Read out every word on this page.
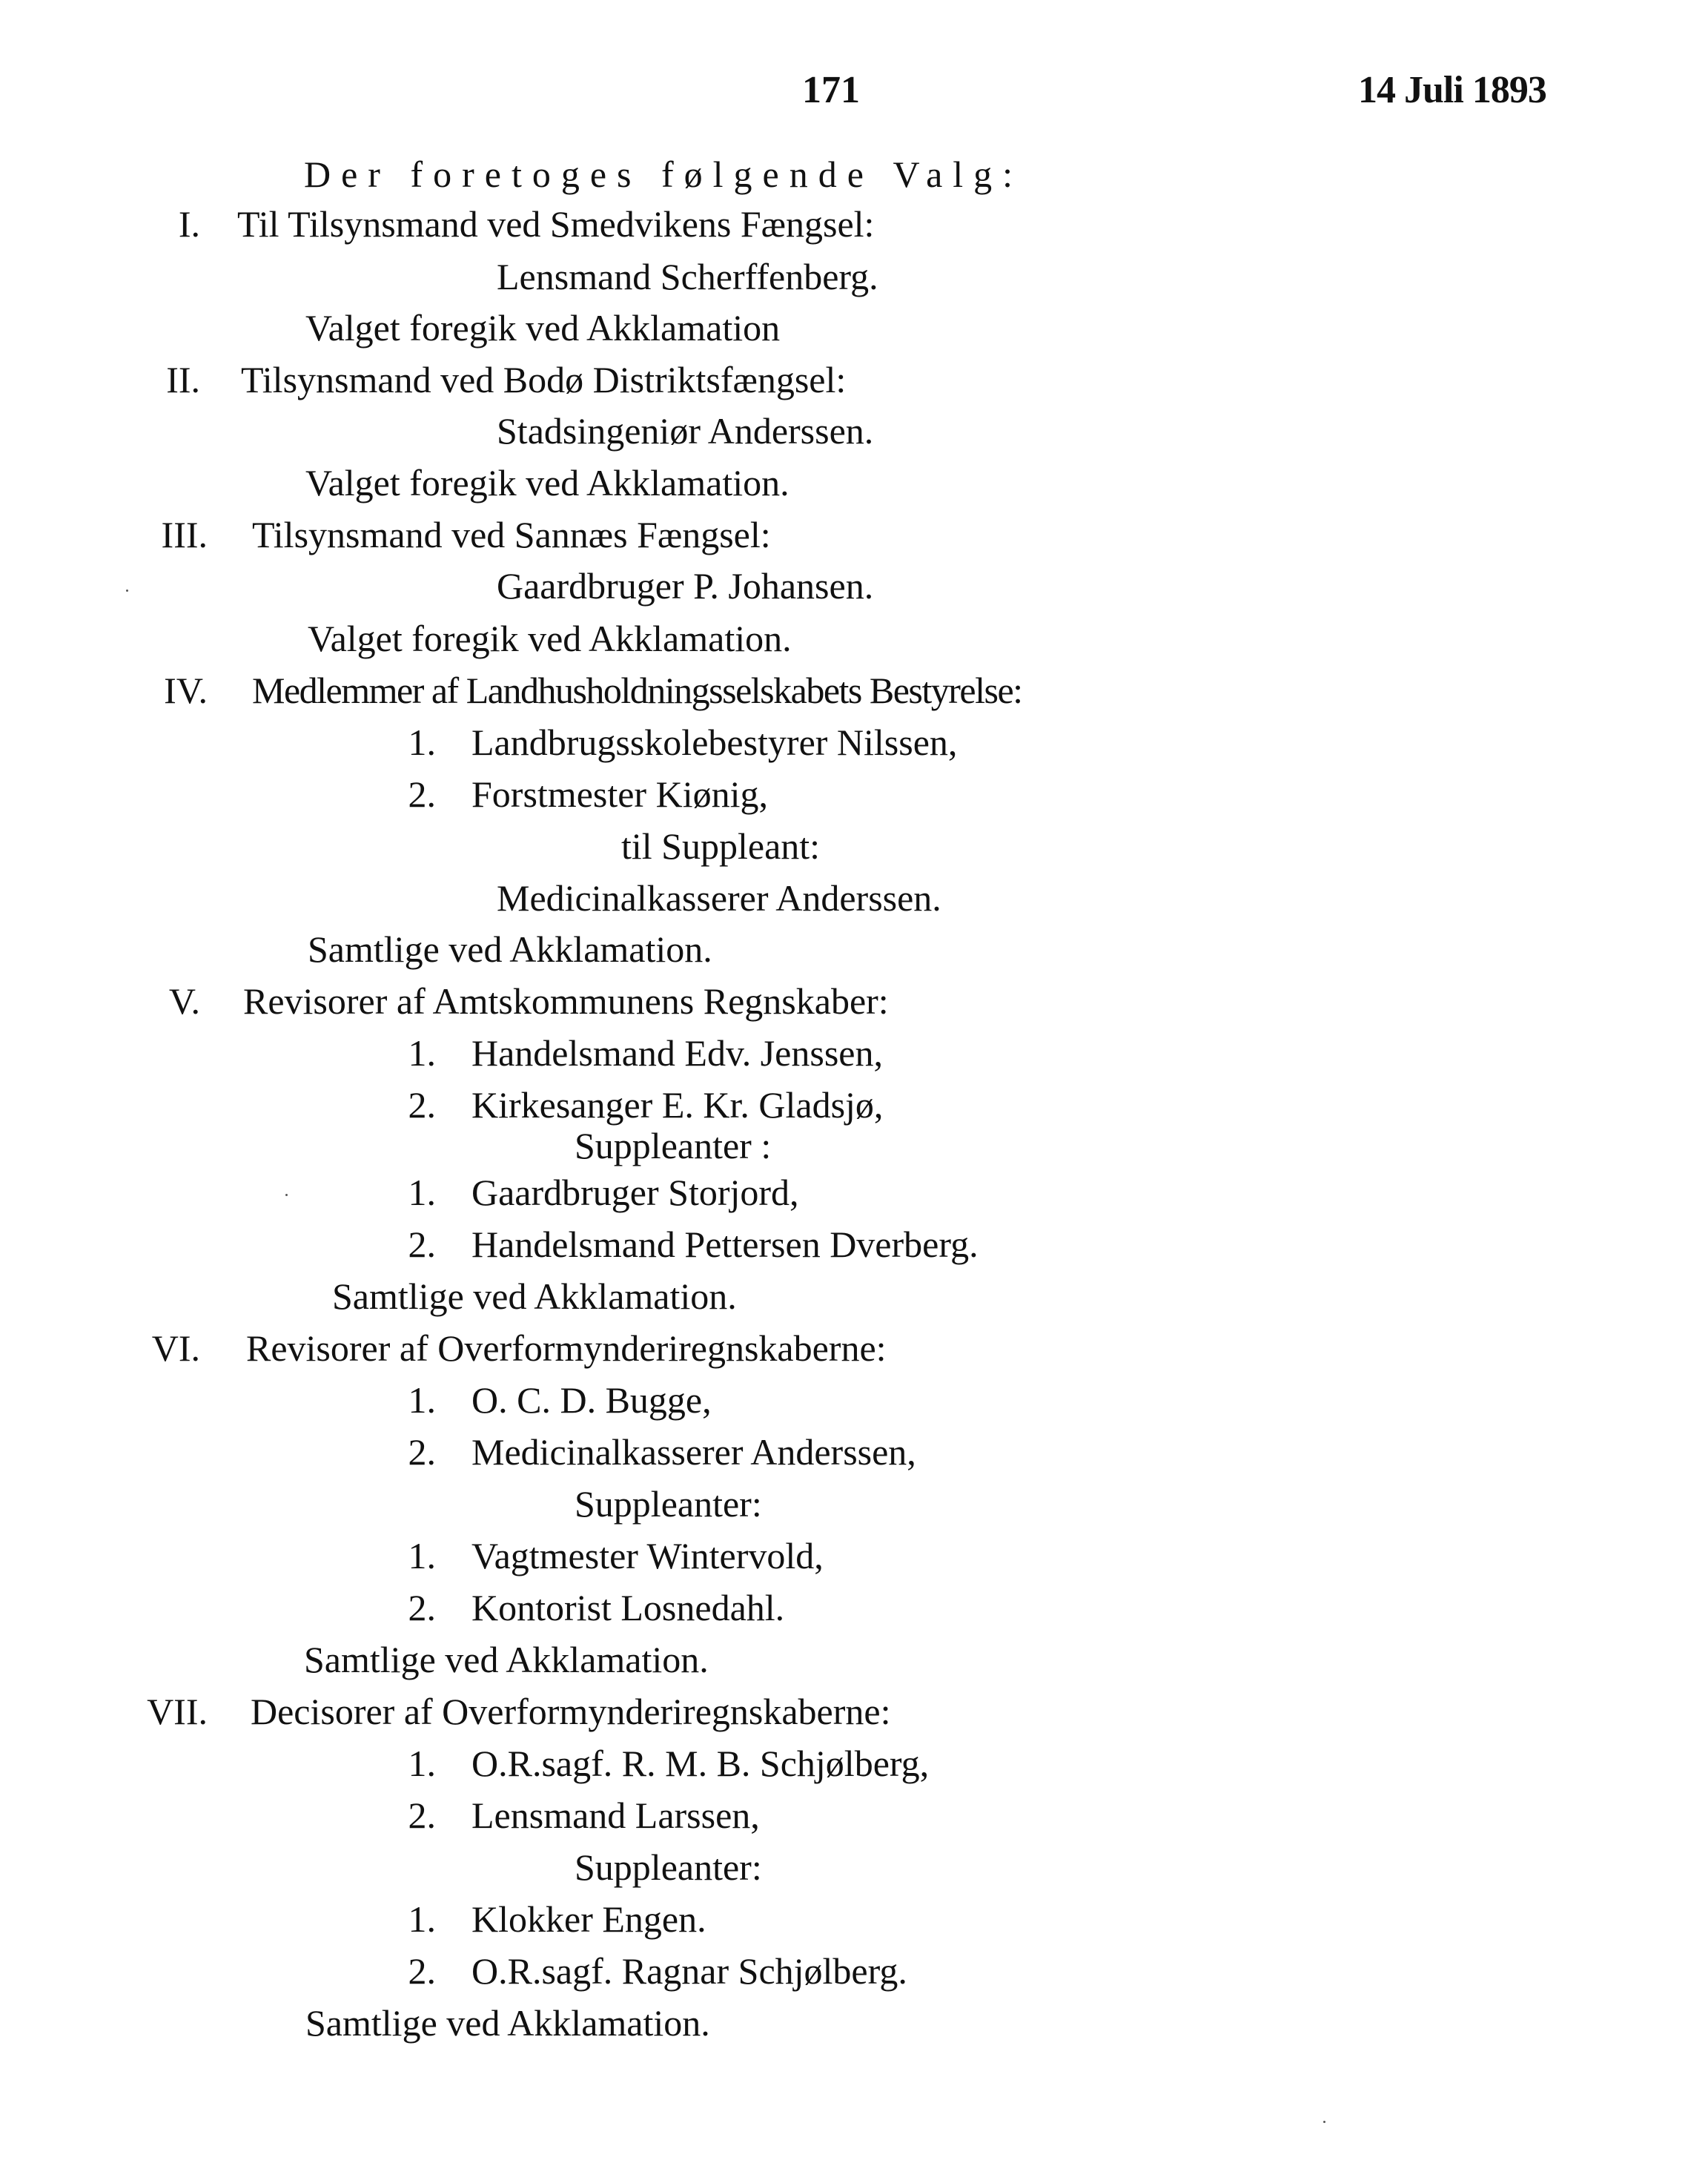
171	14 Juli 1893
Der foretoges følgende Valg:
I. Til Tilsynsmand ved Smedvikens Fængsel:
Lensmand Scherffenberg.
Valget foregik ved Akklamation
II. Tilsynsmand ved Bodø Distriktsfængsel:
Stadsingeniør Anderssen.
Valget foregik ved Akklamation.
III. Tilsynsmand ved Sannæs Fængsel:
Gaardbruger P. Johansen.
Valget foregik ved Akklamation.
IV. Medlemmer af Landhusholdningsselskabets Bestyrelse:
1. Landbrugsskolebestyrer Nilssen,
2. Forstmester Kiønig,
til Suppleant:
Medicinalkasserer Anderssen.
Samtlige ved Akklamation.
V. Revisorer af Amtskommunens Regnskaber:
1. Handelsmand Edv. Jenssen,
2. Kirkesanger E. Kr. Gladsjø,
Suppleanter :
1. Gaardbruger Storjord,
2. Handelsmand Pettersen Dverberg.
Samtlige ved Akklamation.
VI. Revisorer af Overformynderiregnskaberne:
1. O. C. D. Bugge,
2. Medicinalkasserer Anderssen,
Suppleanter:
1. Vagtmester Wintervold,
2. Kontorist Losnedahl.
Samtlige ved Akklamation.
VII. Decisorer af Overformynderiregnskaberne:
1. O.R.sagf. R. M. B. Schjølberg,
2. Lensmand Larssen,
Suppleanter:
1. Klokker Engen.
2. O.R.sagf. Ragnar Schjølberg.
Samtlige ved Akklamation.
